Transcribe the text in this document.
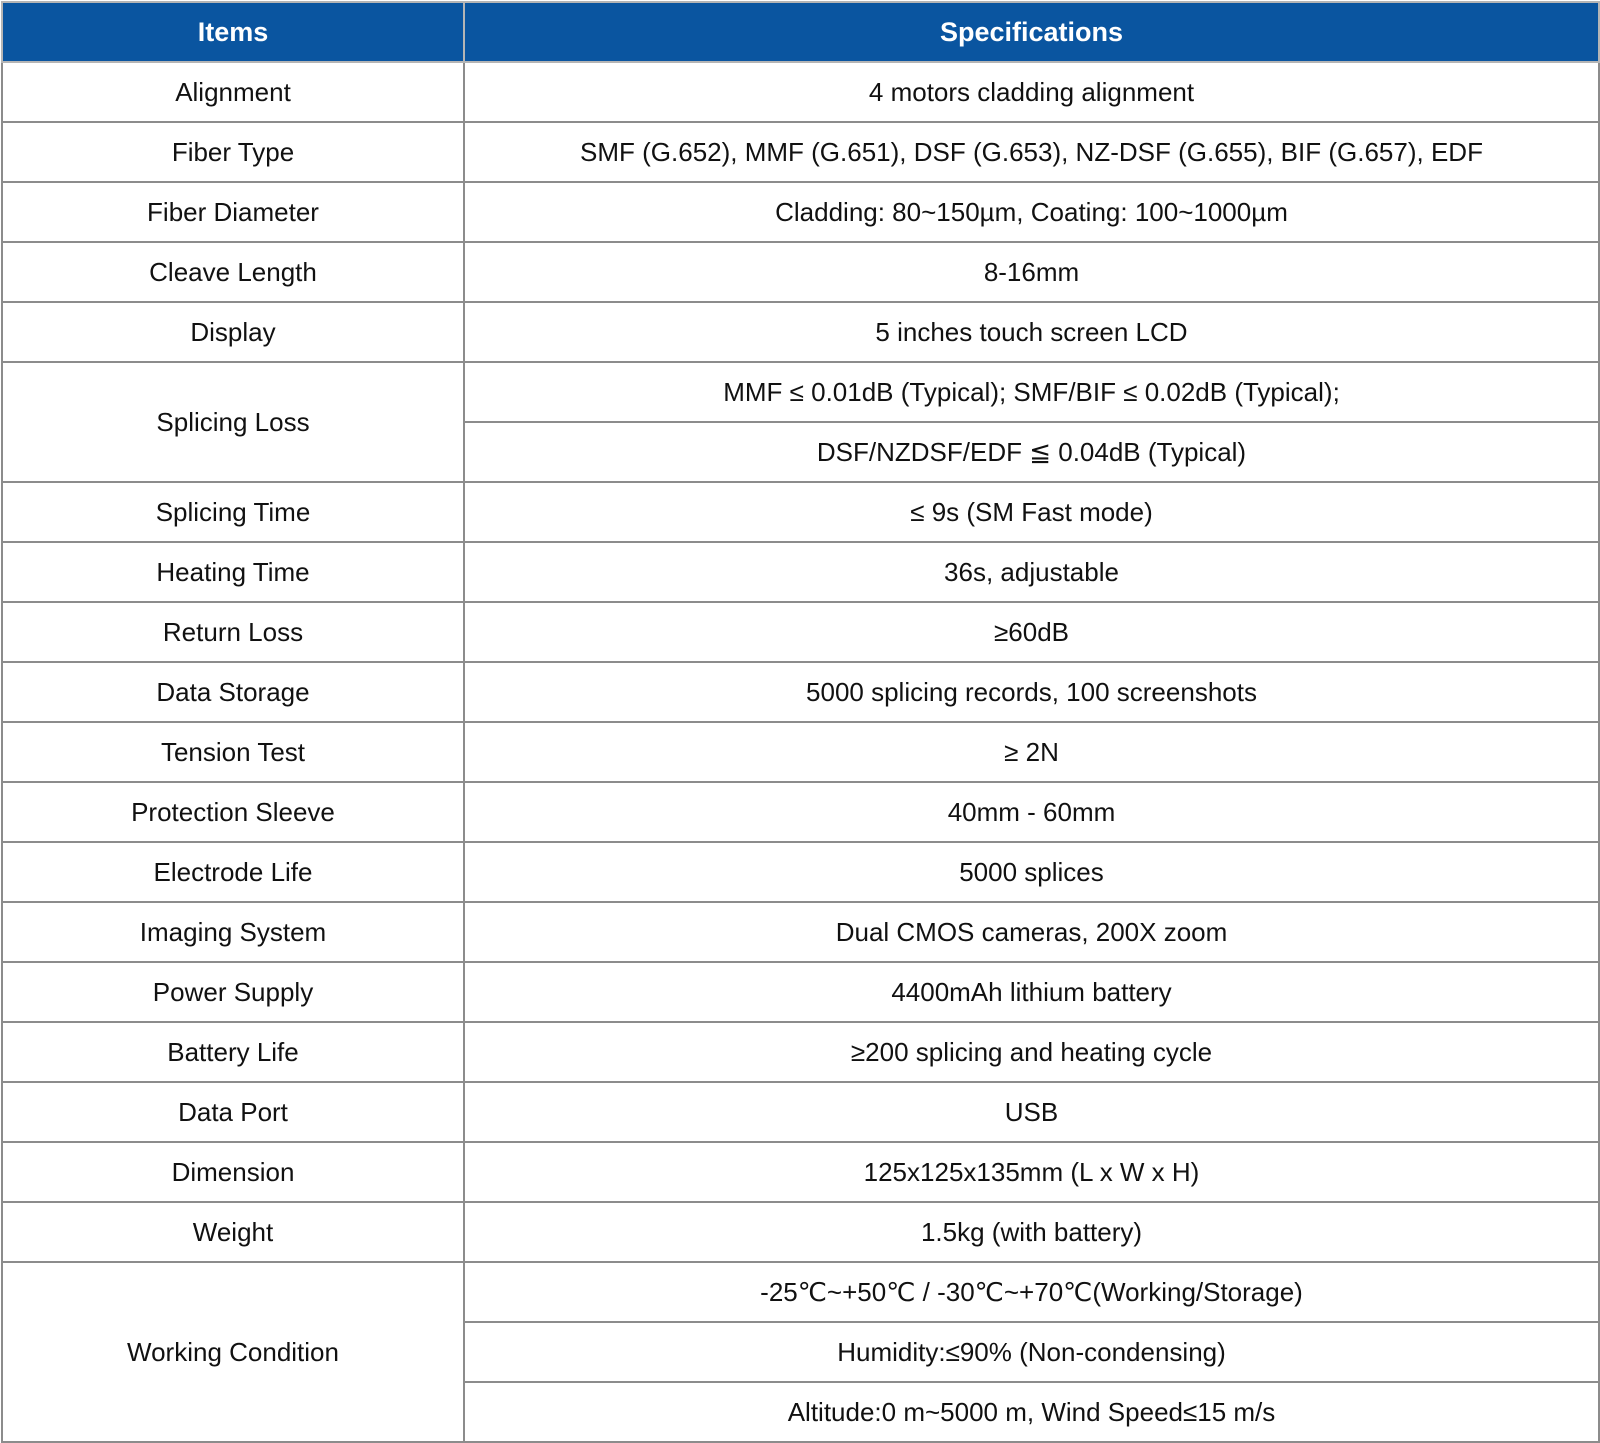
Items	Specifications
Alignment	4 motors cladding alignment
Fiber Type	SMF (G.652), MMF (G.651), DSF (G.653), NZ-DSF (G.655), BIF (G.657), EDF
Fiber Diameter	Cladding: 80~150µm, Coating: 100~1000µm
Cleave Length	8-16mm
Display	5 inches touch screen LCD
Splicing Loss	MMF ≤ 0.01dB (Typical); SMF/BIF ≤ 0.02dB (Typical);
	DSF/NZDSF/EDF ≦ 0.04dB (Typical)
Splicing Time	≤ 9s (SM Fast mode)
Heating Time	36s, adjustable
Return Loss	≥60dB
Data Storage	5000 splicing records, 100 screenshots
Tension Test	≥ 2N
Protection Sleeve	40mm - 60mm
Electrode Life	5000 splices
Imaging System	Dual CMOS cameras, 200X zoom
Power Supply	4400mAh lithium battery
Battery Life	≥200 splicing and heating cycle
Data Port	USB
Dimension	125x125x135mm (L x W x H)
Weight	1.5kg (with battery)
Working Condition	-25℃~+50℃ / -30℃~+70℃(Working/Storage)
	Humidity:≤90% (Non-condensing)
	Altitude:0 m~5000 m, Wind Speed≤15 m/s
